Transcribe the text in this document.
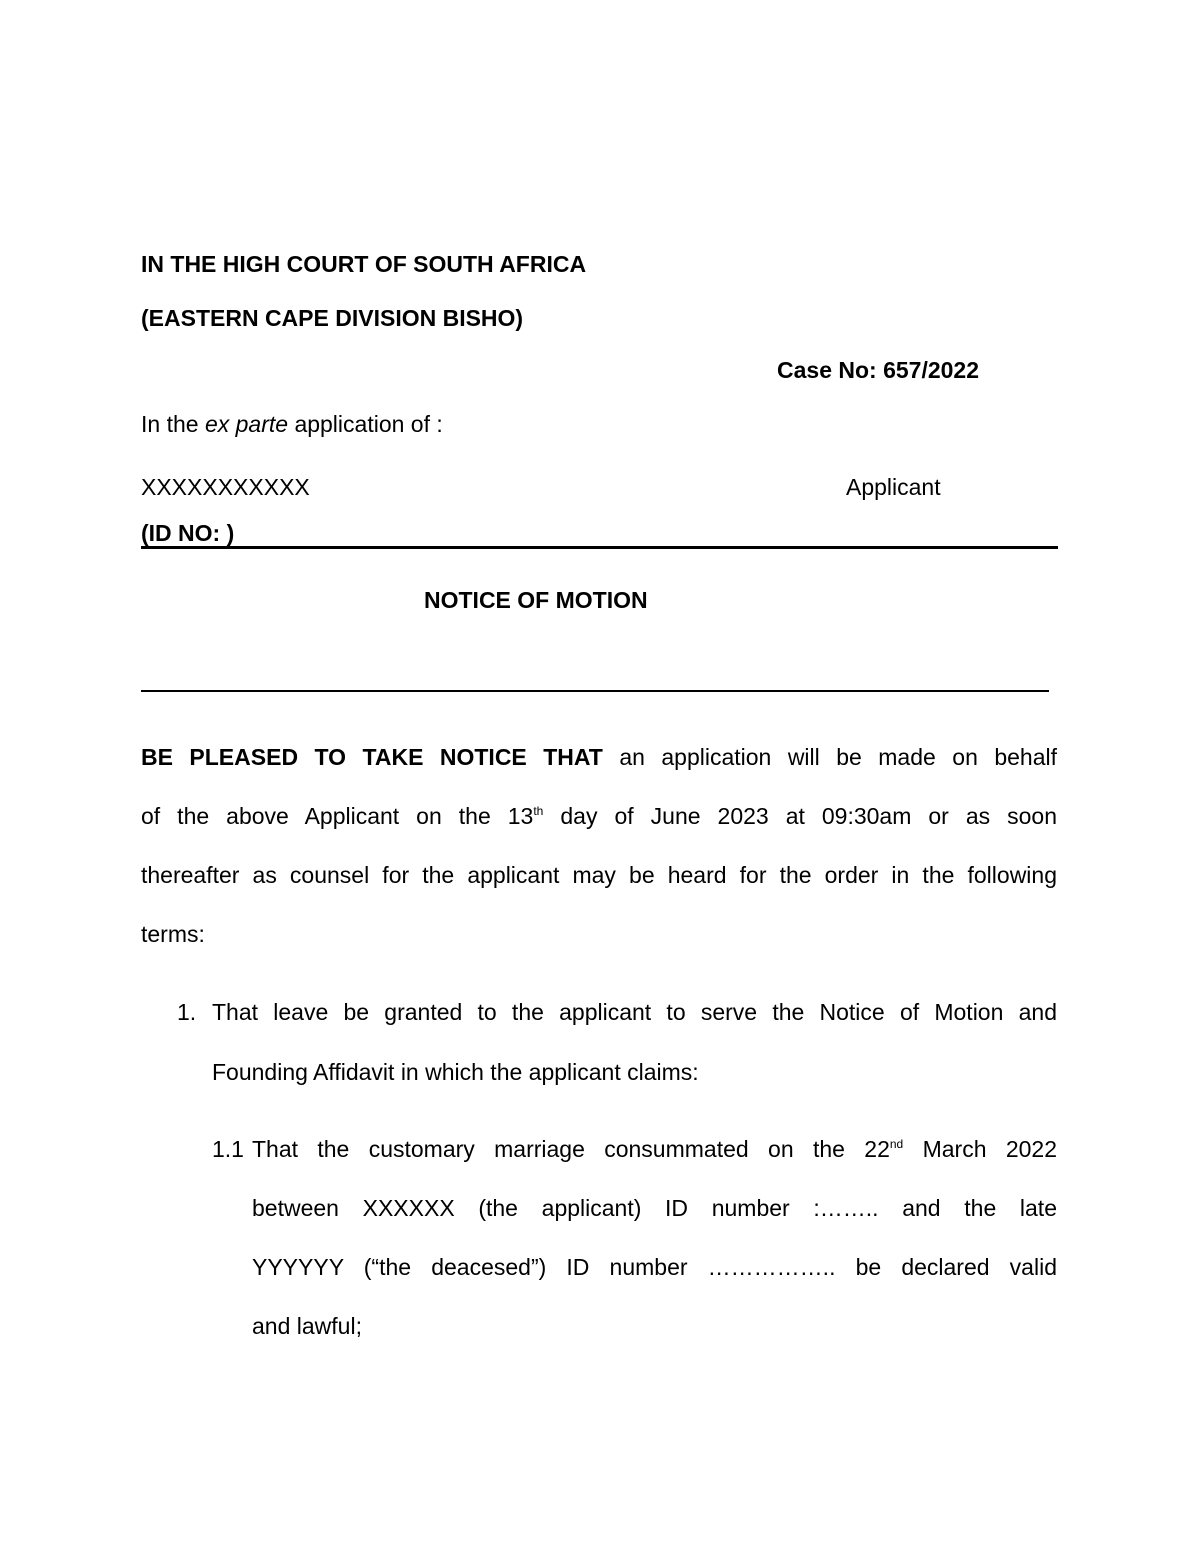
IN THE HIGH COURT OF SOUTH AFRICA
(EASTERN CAPE DIVISION BISHO)
Case No: 657/2022
In the ex parte application of :
XXXXXXXXXXX	Applicant
(ID NO: )
NOTICE OF MOTION
BE PLEASED TO TAKE NOTICE THAT an application will be made on behalf
of the above Applicant on the 13th day of June 2023 at 09:30am or as soon
thereafter as counsel for the applicant may be heard for the order in the following
terms:
1. That leave be granted to the applicant to serve the Notice of Motion and
Founding Affidavit in which the applicant claims:
1.1 That the customary marriage consummated on the 22nd March 2022
between XXXXXX (the applicant) ID number :…….. and the late
YYYYYY (“the deacesed”) ID number …………….. be declared valid
and lawful;
